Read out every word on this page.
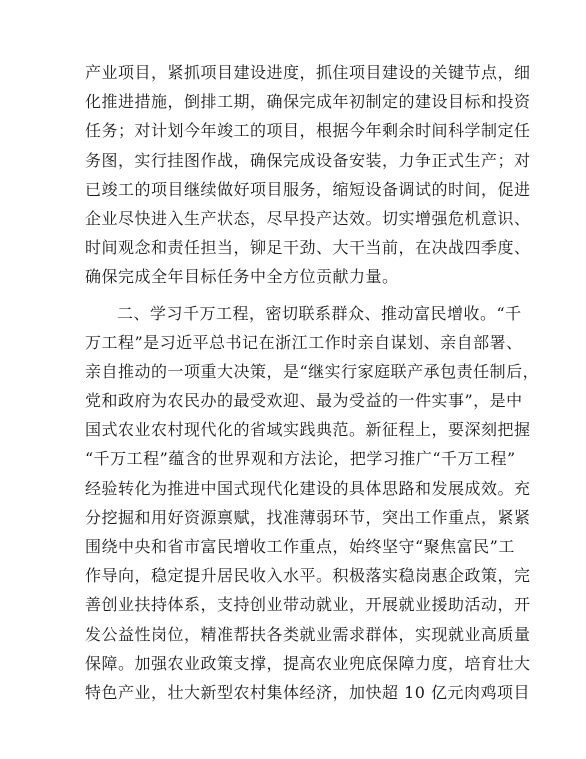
产业项目，紧抓项目建设进度，抓住项目建设的关键节点，细
化推进措施，倒排工期，确保完成年初制定的建设目标和投资
任务；对计划今年竣工的项目，根据今年剩余时间科学制定任
务图，实行挂图作战，确保完成设备安装，力争正式生产；对
已竣工的项目继续做好项目服务，缩短设备调试的时间，促进
企业尽快进入生产状态，尽早投产达效。切实增强危机意识、
时间观念和责任担当，铆足干劲、大干当前，在决战四季度、
确保完成全年目标任务中全方位贡献力量。
二、学习千万工程，密切联系群众、推动富民增收。“千
万工程”是习近平总书记在浙江工作时亲自谋划、亲自部署、
亲自推动的一项重大决策，是“继实行家庭联产承包责任制后，
党和政府为农民办的最受欢迎、最为受益的一件实事”，是中
国式农业农村现代化的省域实践典范。新征程上，要深刻把握
“千万工程”蕴含的世界观和方法论，把学习推广“千万工程”
经验转化为推进中国式现代化建设的具体思路和发展成效。充
分挖掘和用好资源禀赋，找准薄弱环节，突出工作重点，紧紧
围绕中央和省市富民增收工作重点，始终坚守“聚焦富民”工
作导向，稳定提升居民收入水平。积极落实稳岗惠企政策，完
善创业扶持体系，支持创业带动就业，开展就业援助活动，开
发公益性岗位，精准帮扶各类就业需求群体，实现就业高质量
保障。加强农业政策支撑，提高农业兜底保障力度，培育壮大
特色产业，壮大新型农村集体经济，加快超 10 亿元肉鸡项目
